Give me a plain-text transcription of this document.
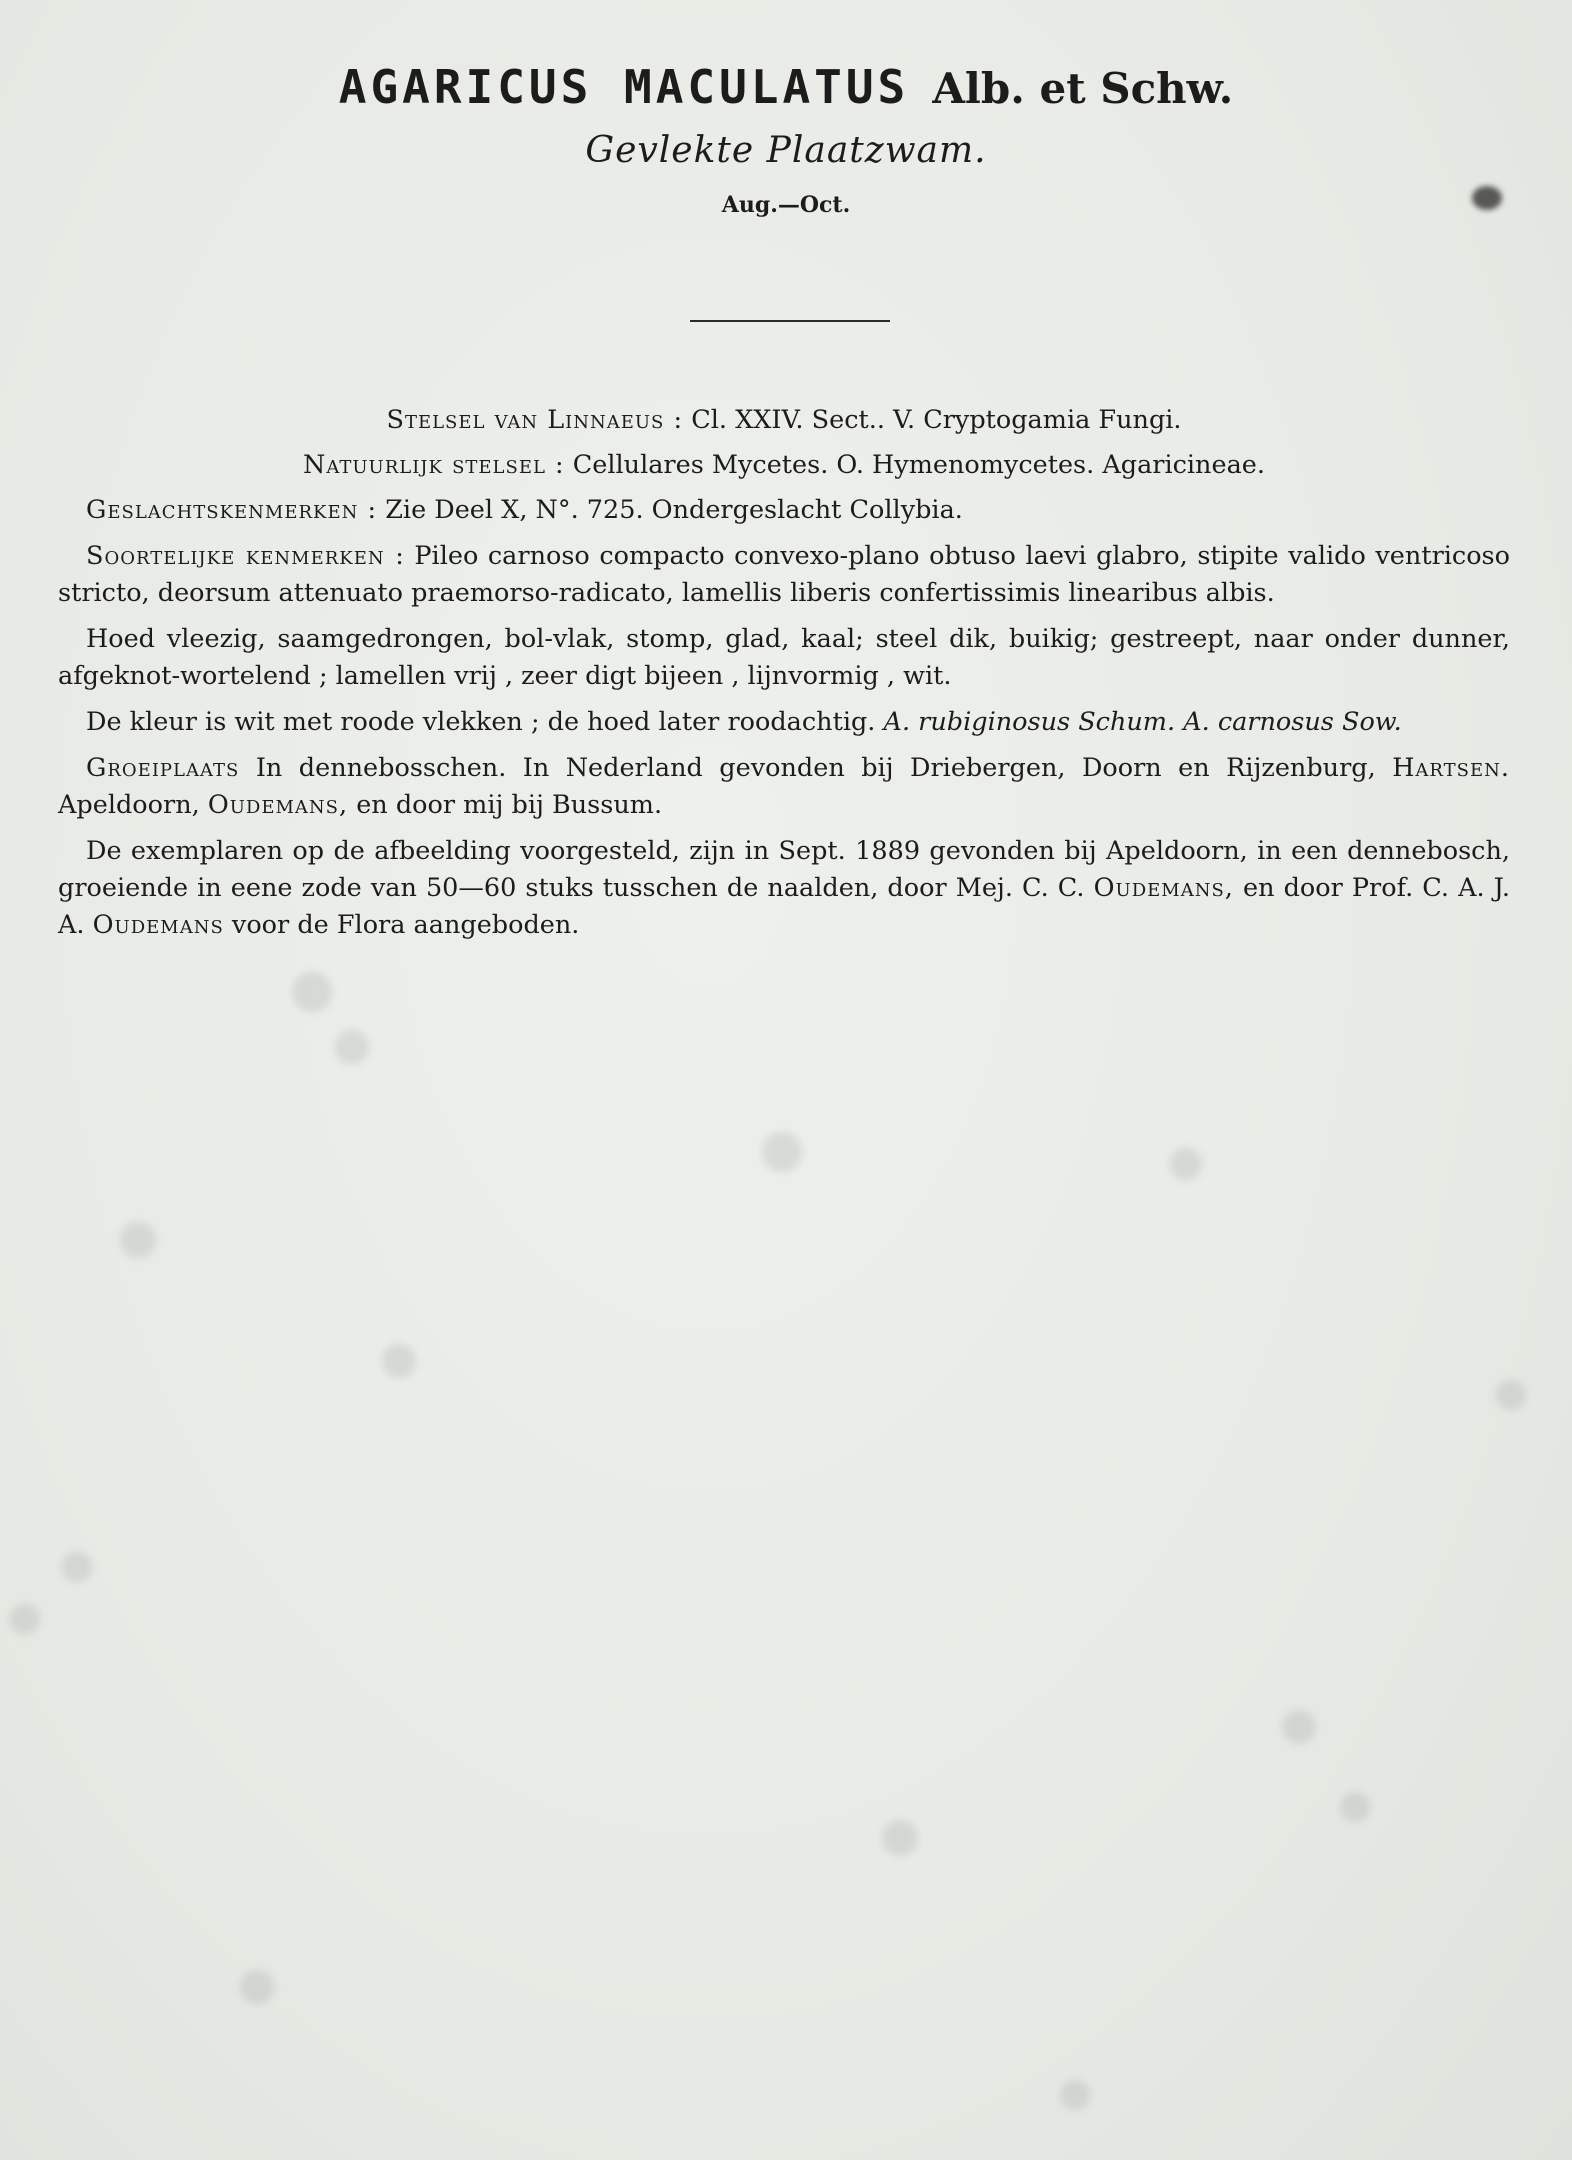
AGARICUS MACULATUS Alb. et Schw.
Gevlekte Plaatzwam.
Aug.—Oct.

Stelsel van Linnaeus : Cl. XXIV. Sect.. V. Cryptogamia Fungi.

Natuurlijk stelsel : Cellulares Mycetes. O. Hymenomycetes. Agaricineae.

Geslachtskenmerken : Zie Deel X, N°. 725. Ondergeslacht Collybia.

Soortelijke kenmerken : Pileo carnoso compacto convexo-plano obtuso laevi glabro, stipite valido ventricoso stricto, deorsum attenuato praemorso-radicato, lamellis liberis confertissimis linearibus albis.

Hoed vleezig, saamgedrongen, bol-vlak, stomp, glad, kaal; steel dik, buikig; gestreept, naar onder dunner, afgeknot-wortelend ; lamellen vrij , zeer digt bijeen , lijnvormig , wit.

De kleur is wit met roode vlekken ; de hoed later roodachtig. A. rubiginosus Schum. A. carnosus Sow.

Groeiplaats In dennebosschen. In Nederland gevonden bij Driebergen, Doorn en Rijzenburg, Hartsen. Apeldoorn, Oudemans, en door mij bij Bussum.

De exemplaren op de afbeelding voorgesteld, zijn in Sept. 1889 gevonden bij Apeldoorn, in een dennebosch, groeiende in eene zode van 50—60 stuks tusschen de naalden, door Mej. C. C. Oudemans, en door Prof. C. A. J. A. Oudemans voor de Flora aangeboden.
